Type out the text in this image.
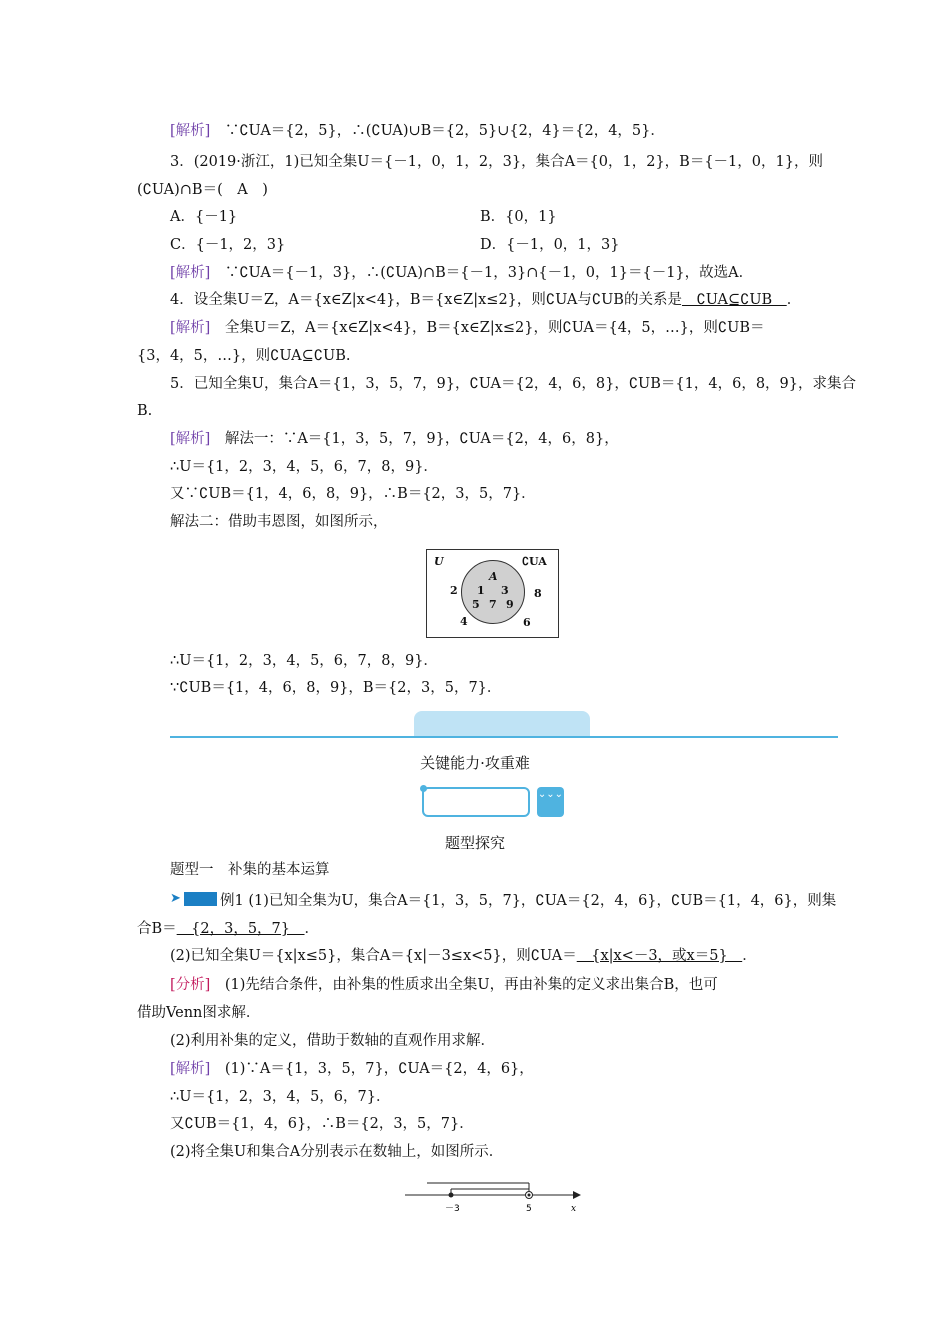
[解析]　∵∁UA＝{2，5}，∴(∁UA)∪B＝{2，5}∪{2，4}＝{2，4，5}．
3．(2019·浙江，1)已知全集U＝{－1，0，1，2，3}，集合A＝{0，1，2}，B＝{－1，0，1}，则
(∁UA)∩B＝(　A　)
A．{－1}	B．{0，1}
C．{－1，2，3}	D．{－1，0，1，3}
[解析]　∵∁UA＝{－1，3}，∴(∁UA)∩B＝{－1，3}∩{－1，0，1}＝{－1}，故选A．
4．设全集U＝Z，A＝{x∈Z|x<4}，B＝{x∈Z|x≤2}，则∁UA与∁UB的关系是　∁UA⊆∁UB　．
[解析]　全集U＝Z，A＝{x∈Z|x<4}，B＝{x∈Z|x≤2}，则∁UA＝{4，5，…}，则∁UB＝
{3，4，5，…}，则∁UA⊆∁UB.
5．已知全集U，集合A＝{1，3，5，7，9}，∁UA＝{2，4，6，8}，∁UB＝{1，4，6，8，9}，求集合
B.
[解析]　解法一：∵A＝{1，3，5，7，9}，∁UA＝{2，4，6，8}，
∴U＝{1，2，3，4，5，6，7，8，9}．
又∵∁UB＝{1，4，6，8，9}，∴B＝{2，3，5，7}．
解法二：借助韦恩图，如图所示，
U	∁UA
A
1 3
5 7 9
2	8
4	6
∴U＝{1，2，3，4，5，6，7，8，9}．
∵∁UB＝{1，4，6，8，9}，B＝{2，3，5，7}．
关键能力·攻重难
⌄⌄⌄
题型探究
题型一　补集的基本运算
➤	例1 (1)已知全集为U，集合A＝{1，3，5，7}，∁UA＝{2，4，6}，∁UB＝{1，4，6}，则集
合B＝　{2，3，5，7}　．
(2)已知全集U＝{x|x≤5}，集合A＝{x|－3≤x<5}，则∁UA＝　{x|x<－3，或x＝5}　．
[分析]　(1)先结合条件，由补集的性质求出全集U，再由补集的定义求出集合B，也可
借助Venn图求解．
(2)利用补集的定义，借助于数轴的直观作用求解．
[解析]　(1)∵A＝{1，3，5，7}，∁UA＝{2，4，6}，
∴U＝{1，2，3，4，5，6，7}．
又∁UB＝{1，4，6}，∴B＝{2，3，5，7}．
(2)将全集U和集合A分别表示在数轴上，如图所示．
－3	5	x
